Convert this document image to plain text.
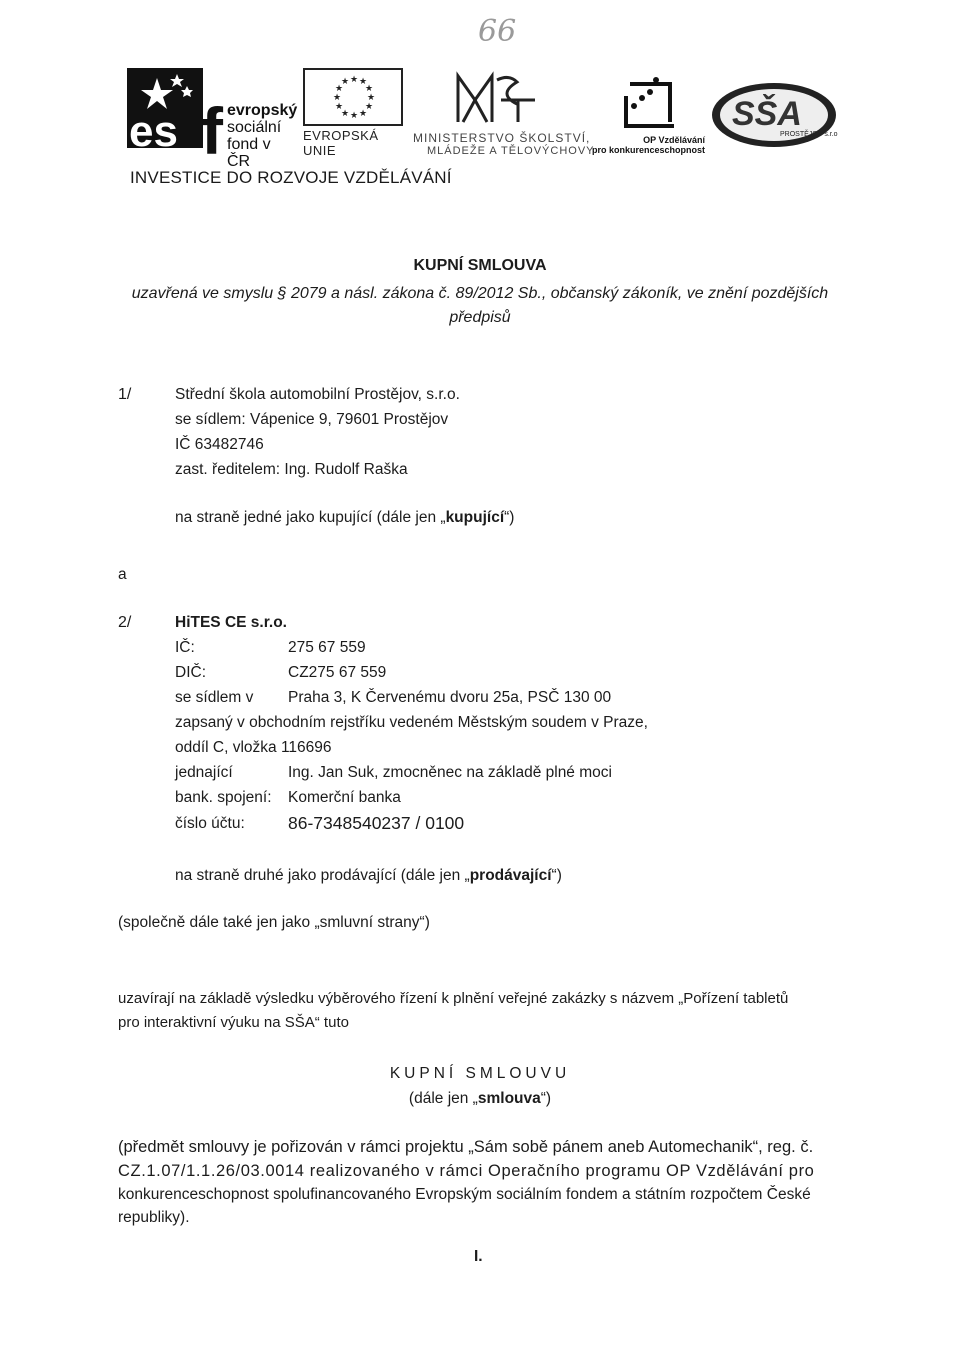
66
es f evropský
sociální
fond v ČR
★ ★
★
★
★
★
★
★
★
★
★
★
EVROPSKÁ UNIE
MINISTERSTVO ŠKOLSTVÍ,
MLÁDEŽE A TĚLOVÝCHOVY
OP Vzdělávání
pro konkurenceschopnost
SŠA
PROSTĚJOV s.r.o.
INVESTICE DO ROZVOJE VZDĚLÁVÁNÍ
KUPNÍ SMLOUVA
uzavřená ve smyslu § 2079 a násl. zákona č. 89/2012 Sb., občanský zákoník, ve znění pozdějších předpisů
1/	Střední škola automobilní Prostějov, s.r.o.
se sídlem: Vápenice 9, 79601 Prostějov
IČ 63482746
zast. ředitelem: Ing. Rudolf Raška
na straně jedné jako kupující (dále jen „kupující“)
a
2/	HiTES CE s.r.o.
IČ:	275 67 559
DIČ:	CZ275 67 559
se sídlem v Praha 3, K Červenému dvoru 25a, PSČ 130 00
zapsaný v obchodním rejstříku vedeném Městským soudem v Praze,
oddíl C, vložka 116696
jednající	Ing. Jan Suk, zmocněnec na základě plné moci
bank. spojení: Komerční banka
číslo účtu: 86-7348540237 / 0100
na straně druhé jako prodávající (dále jen „prodávající“)
(společně dále také jen jako „smluvní strany“)
uzavírají na základě výsledku výběrového řízení k plnění veřejné zakázky s názvem „Pořízení tabletů
pro interaktivní výuku na SŠA“ tuto
KUPNÍ SMLOUVU
(dále jen „smlouva“)
(předmět smlouvy je pořizován v rámci projektu „Sám sobě pánem aneb Automechanik“, reg. č.
CZ.1.07/1.1.26/03.0014 realizovaného v rámci Operačního programu OP Vzdělávání pro
konkurenceschopnost spolufinancovaného Evropským sociálním fondem a státním rozpočtem České
republiky).
I.
